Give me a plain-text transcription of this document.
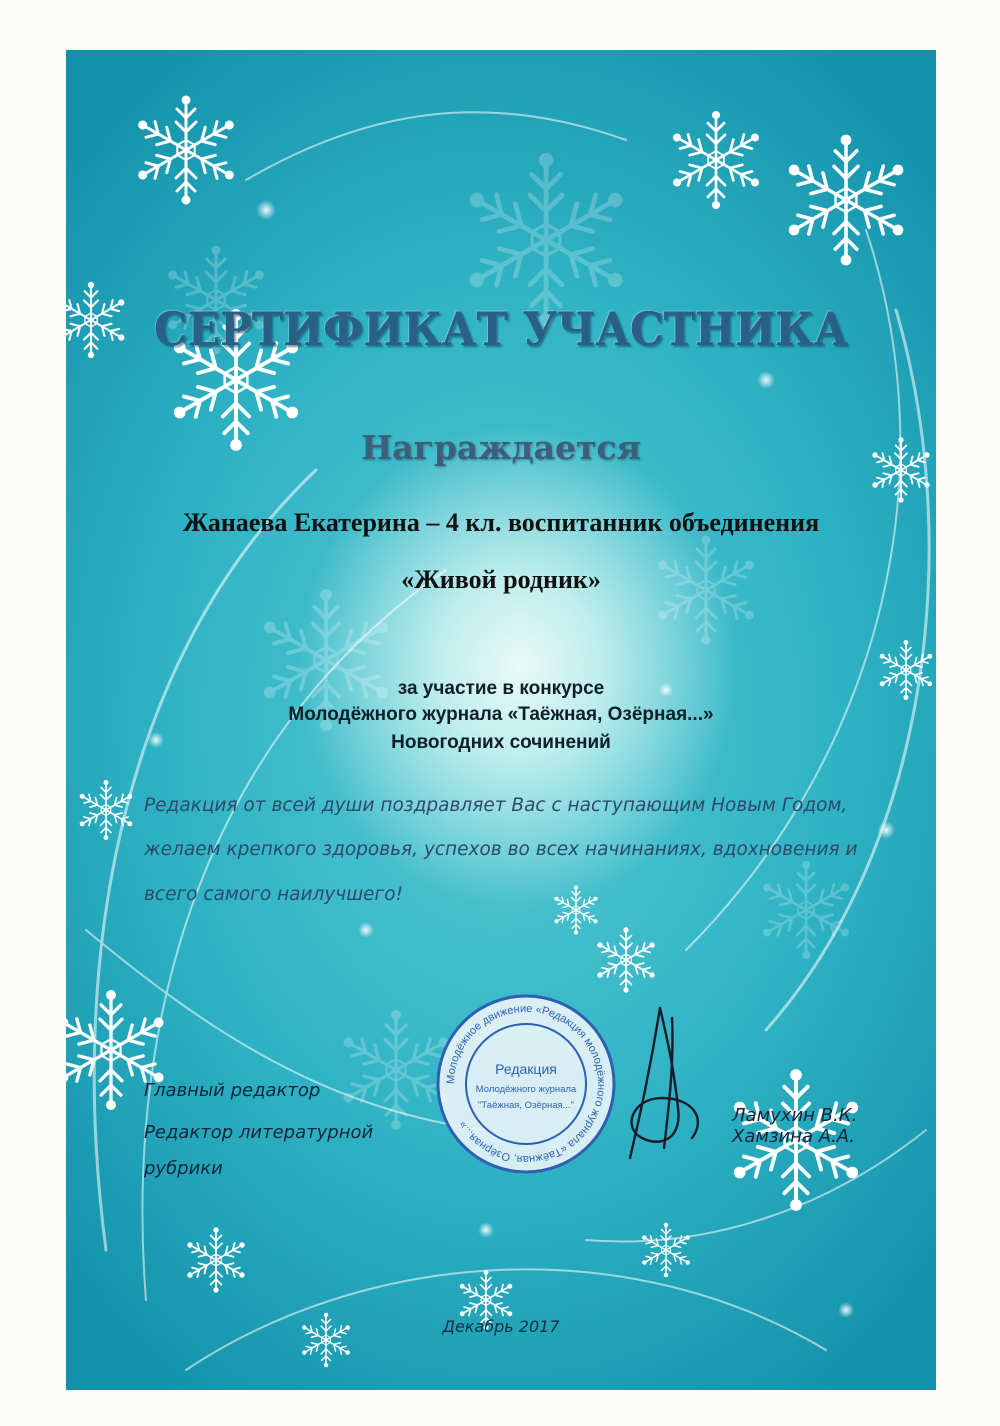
СЕРТИФИКАТ УЧАСТНИКА
Награждается
Жанаева Екатерина – 4 кл. воспитанник объединения
«Живой родник»
за участие в конкурсе
Молодёжного журнала «Таёжная, Озёрная...»
Новогодних сочинений
Редакция от всей души поздравляет Вас с наступающим Новым Годом,
желаем крепкого здоровья, успехов во всех начинаниях, вдохновения и
всего самого наилучшего!
Главный редактор
Редактор литературной
рубрики
Ламухин В.К.
Хамзина А.А.
Молодёжное движение «Редакция молодёжного журнала «Таёжная, Озёрная...»
Редакция
Молодёжного журнала
"Таёжная, Озёрная..."
Декабрь 2017
